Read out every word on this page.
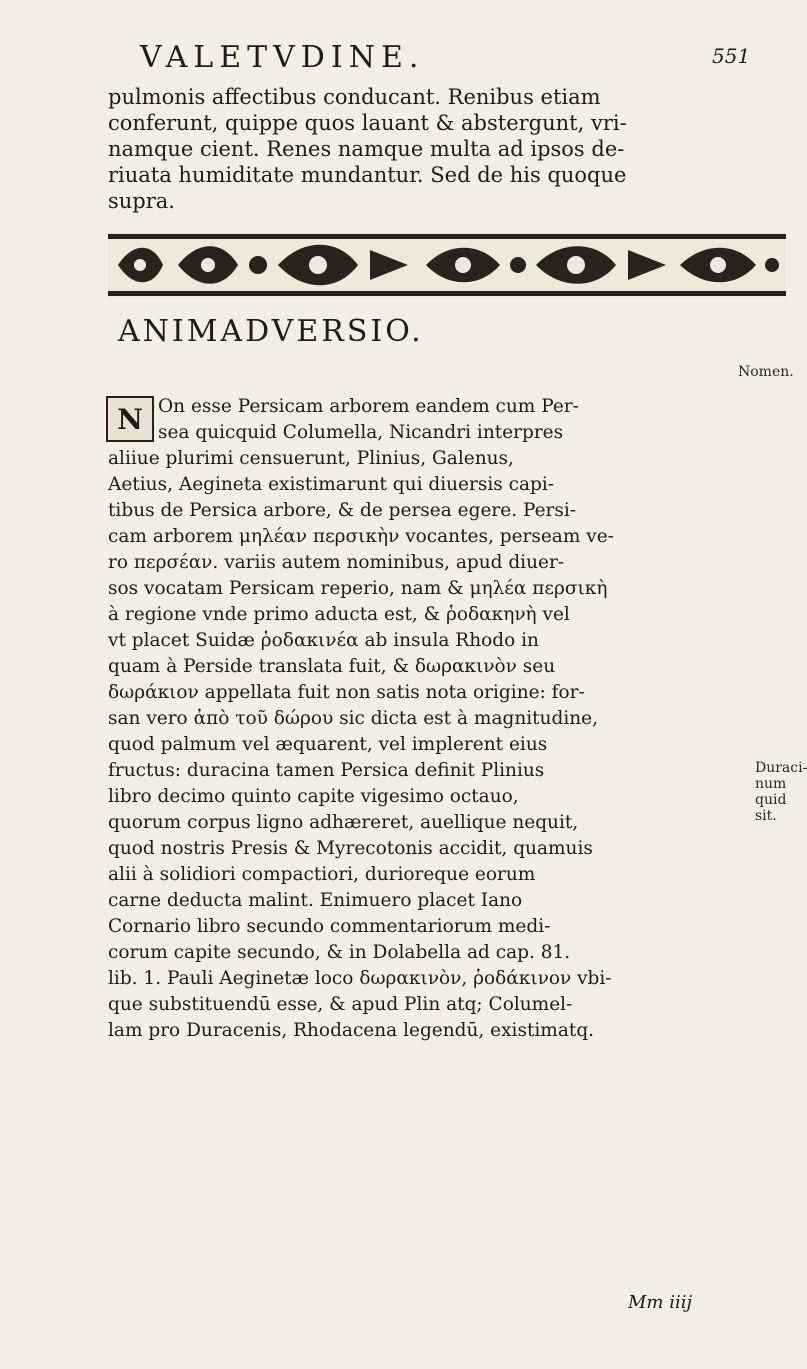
VALETVDINE.	551

pulmonis affectibus conducant. Renibus etiam
conferunt, quippe quos lauant & abstergunt, vri-
namque cient. Renes namque multa ad ipsos de-
riuata humiditate mundantur. Sed de his quoque
supra.

ANIMADVERSIO.
Nomen.
N On esse Persicam arborem eandem cum Per-
sea quicquid Columella, Nicandri interpres
aliiue plurimi censuerunt, Plinius, Galenus,
Aetius, Aegineta existimarunt qui diuersis capi-
tibus de Persica arbore, & de persea egere. Persi-
cam arborem μηλέαν περσικὴν vocantes, perseam ve-
ro περσέαν. variis autem nominibus, apud diuer-
sos vocatam Persicam reperio, nam & μηλέα περσικὴ
à regione vnde primo aducta est, & ῥοδακηνὴ vel
vt placet Suidæ ῥοδακινέα ab insula Rhodo in
quam à Perside translata fuit, & δωρακινὸν seu
δωράκιον appellata fuit non satis nota origine: for-
san vero ἀπὸ τοῦ δώρου sic dicta est à magnitudine,
quod palmum vel æquarent, vel implerent eius
fructus: duracina tamen Persica definit Plinius
libro decimo quinto capite vigesimo octauo,
quorum corpus ligno adhæreret, auellique nequit,
quod nostris Presis & Myrecotonis accidit, quamuis
alii à solidiori compactiori, durioreque eorum
carne deducta malint. Enimuero placet Iano
Cornario libro secundo commentariorum medi-
corum capite secundo, & in Dolabella ad cap. 81.
lib. 1. Pauli Aeginetæ loco δωρακινὸν, ῥοδάκινον vbi-
que substituendū esse, & apud Plin atq; Columel-
lam pro Duracenis, Rhodacena legendū, existimatq.

Duraci-
num
quid sit.
Mm iiij
